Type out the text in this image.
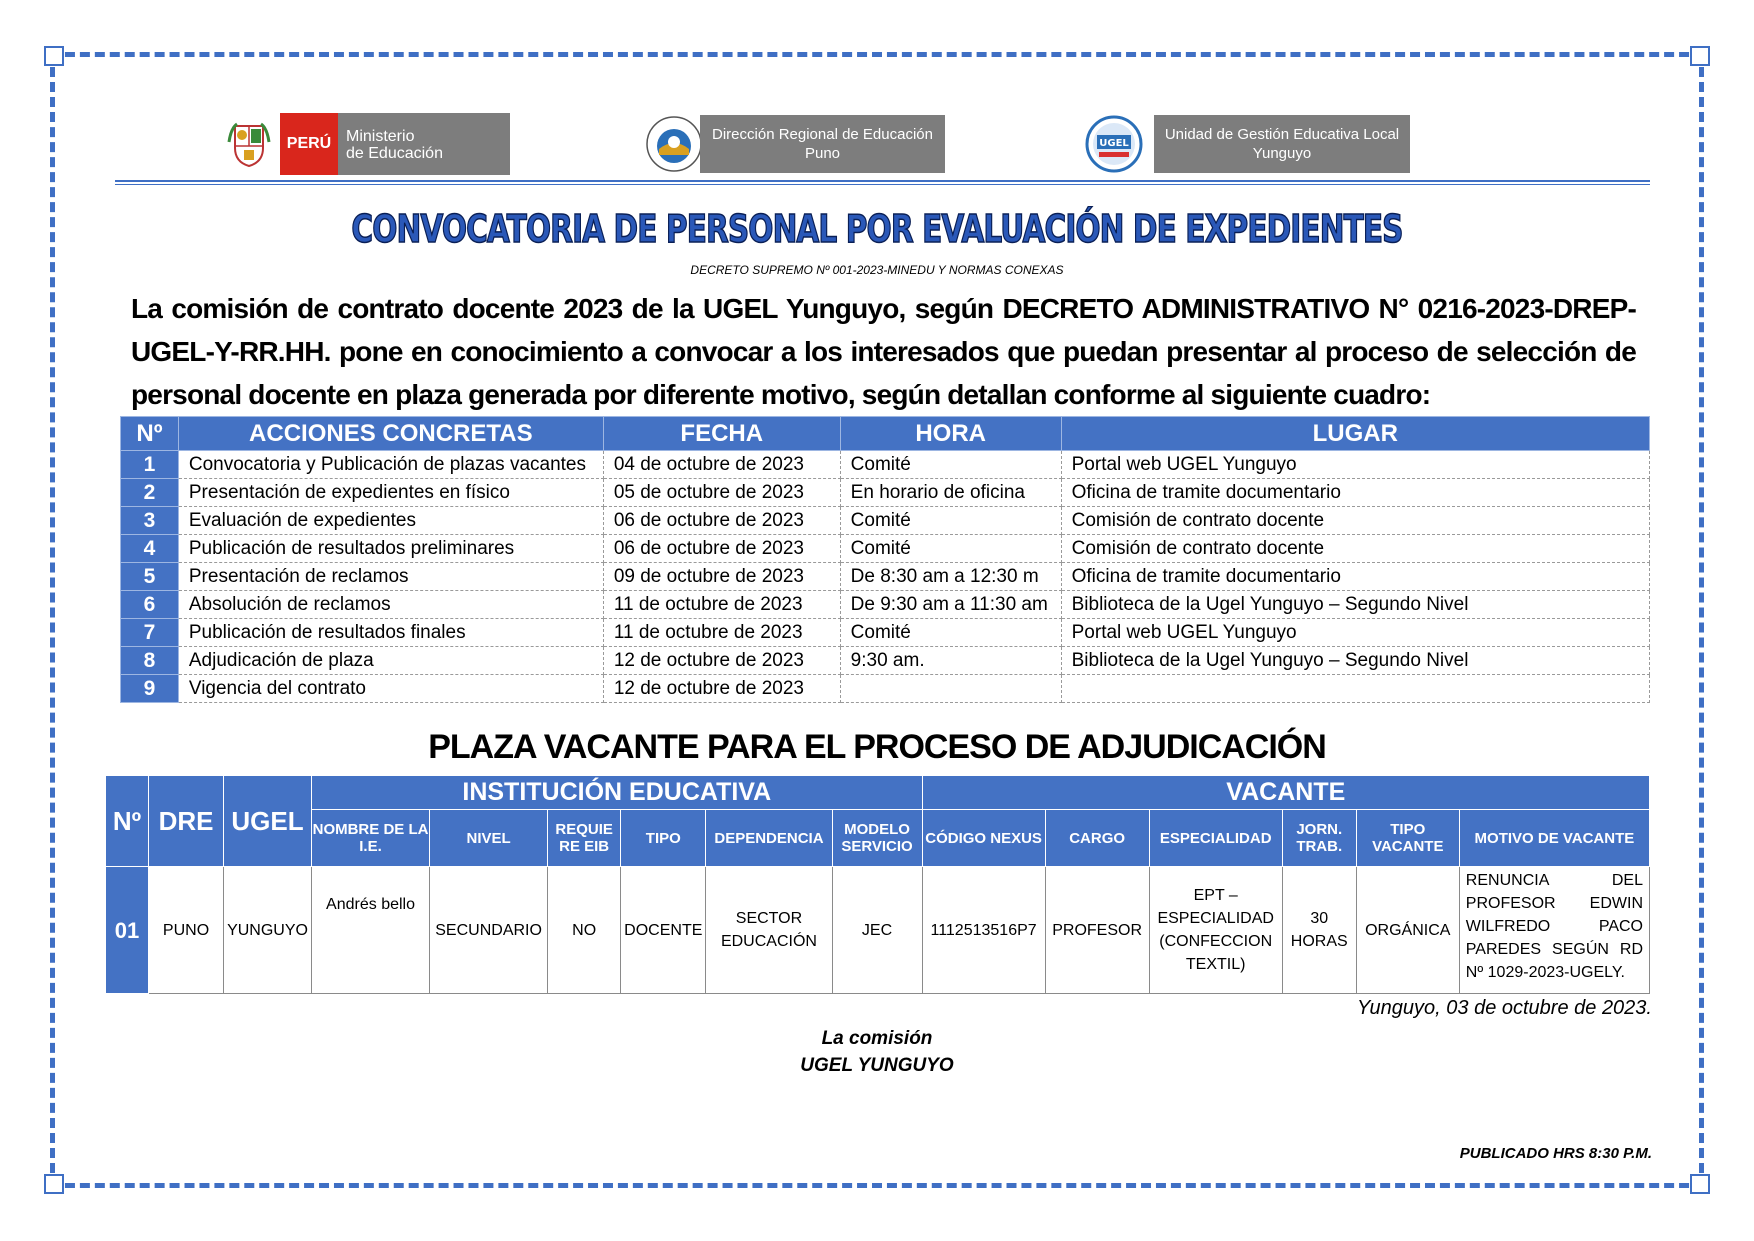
PERÚ Ministerio
de Educación
Dirección Regional de Educación
Puno
UGEL
Unidad de Gestión Educativa Local
Yunguyo
CONVOCATORIA DE PERSONAL POR EVALUACIÓN DE EXPEDIENTES
DECRETO SUPREMO Nº 001-2023-MINEDU Y NORMAS CONEXAS
La comisión de contrato docente 2023 de la UGEL Yunguyo, según DECRETO ADMINISTRATIVO N° 0216-2023-DREP-UGEL-Y-RR.HH. pone en conocimiento a convocar a los interesados que puedan presentar al proceso de selección de personal docente en plaza generada por diferente motivo, según detallan conforme al siguiente cuadro:
Nº	ACCIONES CONCRETAS	FECHA	HORA	LUGAR
1	Convocatoria y Publicación de plazas vacantes	04 de octubre de 2023	Comité	Portal web UGEL Yunguyo
2	Presentación de expedientes en físico	05 de octubre de 2023	En horario de oficina	Oficina de tramite documentario
3	Evaluación de expedientes	06 de octubre de 2023	Comité	Comisión de contrato docente
4	Publicación de resultados preliminares	06 de octubre de 2023	Comité	Comisión de contrato docente
5	Presentación de reclamos	09 de octubre de 2023	De 8:30 am a 12:30 m	Oficina de tramite documentario
6	Absolución de reclamos	11 de octubre de 2023	De 9:30 am a 11:30 am	Biblioteca de la Ugel Yunguyo – Segundo Nivel
7	Publicación de resultados finales	11 de octubre de 2023	Comité	Portal web UGEL Yunguyo
8	Adjudicación de plaza	12 de octubre de 2023	9:30 am.	Biblioteca de la Ugel Yunguyo – Segundo Nivel
9	Vigencia del contrato	12 de octubre de 2023		
PLAZA VACANTE PARA EL PROCESO DE ADJUDICACIÓN
Nº	DRE	UGEL	INSTITUCIÓN EDUCATIVA						VACANTE					
			NOMBRE DE LA I.E.	NIVEL	REQUIE RE EIB	TIPO	DEPENDENCIA	MODELO SERVICIO	CÓDIGO NEXUS	CARGO	ESPECIALIDAD	JORN. TRAB.	TIPO VACANTE	MOTIVO DE VACANTE
01	PUNO	YUNGUYO	Andrés bello	SECUNDARIO	NO	DOCENTE	SECTOR EDUCACIÓN	JEC	1112513516P7	PROFESOR	EPT – ESPECIALIDAD (CONFECCION TEXTIL)	30 HORAS	ORGÁNICA	RENUNCIA DEL PROFESOR EDWIN WILFREDO PACO PAREDES SEGÚN RD Nº 1029-2023-UGELY.
Yunguyo, 03 de octubre de 2023.
La comisión
UGEL YUNGUYO
PUBLICADO HRS 8:30 P.M.
